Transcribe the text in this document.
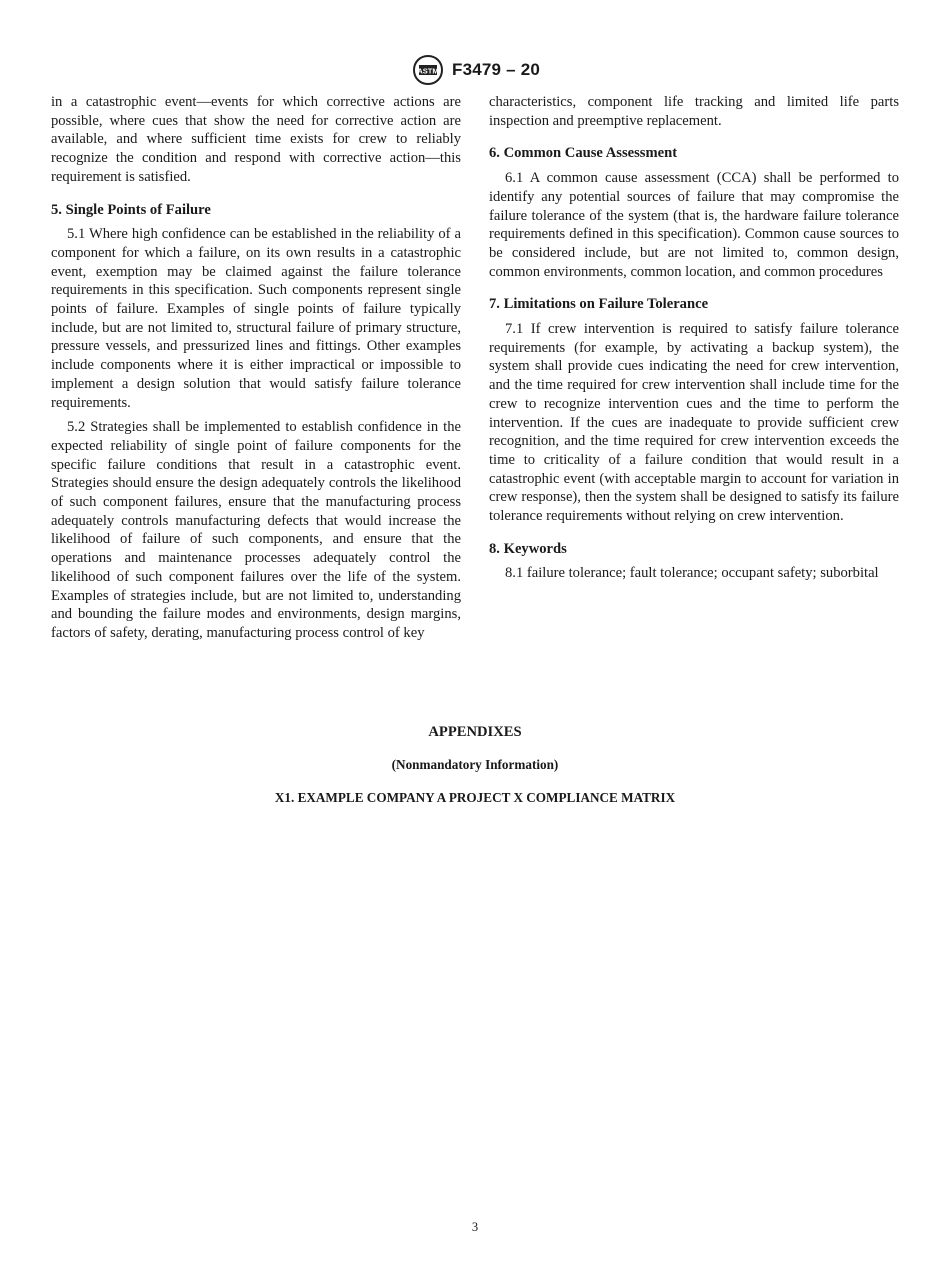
ASTM F3479 – 20

in a catastrophic event—events for which corrective actions are possible, where cues that show the need for corrective action are available, and where sufficient time exists for crew to reliably recognize the condition and respond with corrective action—this requirement is satisfied.

5. Single Points of Failure

5.1 Where high confidence can be established in the reliability of a component for which a failure, on its own results in a catastrophic event, exemption may be claimed against the failure tolerance requirements in this specification. Such components represent single points of failure. Examples of single points of failure typically include, but are not limited to, structural failure of primary structure, pressure vessels, and pressurized lines and fittings. Other examples include components where it is either impractical or impossible to implement a design solution that would satisfy failure tolerance requirements.

5.2 Strategies shall be implemented to establish confidence in the expected reliability of single point of failure components for the specific failure conditions that result in a catastrophic event. Strategies should ensure the design adequately controls the likelihood of such component failures, ensure that the manufacturing process adequately controls manufacturing defects that would increase the likelihood of failure of such components, and ensure that the operations and maintenance processes adequately control the likelihood of such component failures over the life of the system. Examples of strategies include, but are not limited to, understanding and bounding the failure modes and environments, design margins, factors of safety, derating, manufacturing process control of key

characteristics, component life tracking and limited life parts inspection and preemptive replacement.

6. Common Cause Assessment

6.1 A common cause assessment (CCA) shall be performed to identify any potential sources of failure that may compromise the failure tolerance of the system (that is, the hardware failure tolerance requirements defined in this specification). Common cause sources to be considered include, but are not limited to, common design, common environments, common location, and common procedures

7. Limitations on Failure Tolerance

7.1 If crew intervention is required to satisfy failure tolerance requirements (for example, by activating a backup system), the system shall provide cues indicating the need for crew intervention, and the time required for crew intervention shall include time for the crew to recognize intervention cues and the time to perform the intervention. If the cues are inadequate to provide sufficient crew recognition, and the time required for crew intervention exceeds the time to criticality of a failure condition that would result in a catastrophic event (with acceptable margin to account for variation in crew response), then the system shall be designed to satisfy its failure tolerance requirements without relying on crew intervention.

8. Keywords

8.1 failure tolerance; fault tolerance; occupant safety; suborbital

APPENDIXES

(Nonmandatory Information)

X1. EXAMPLE COMPANY A PROJECT X COMPLIANCE MATRIX

3
